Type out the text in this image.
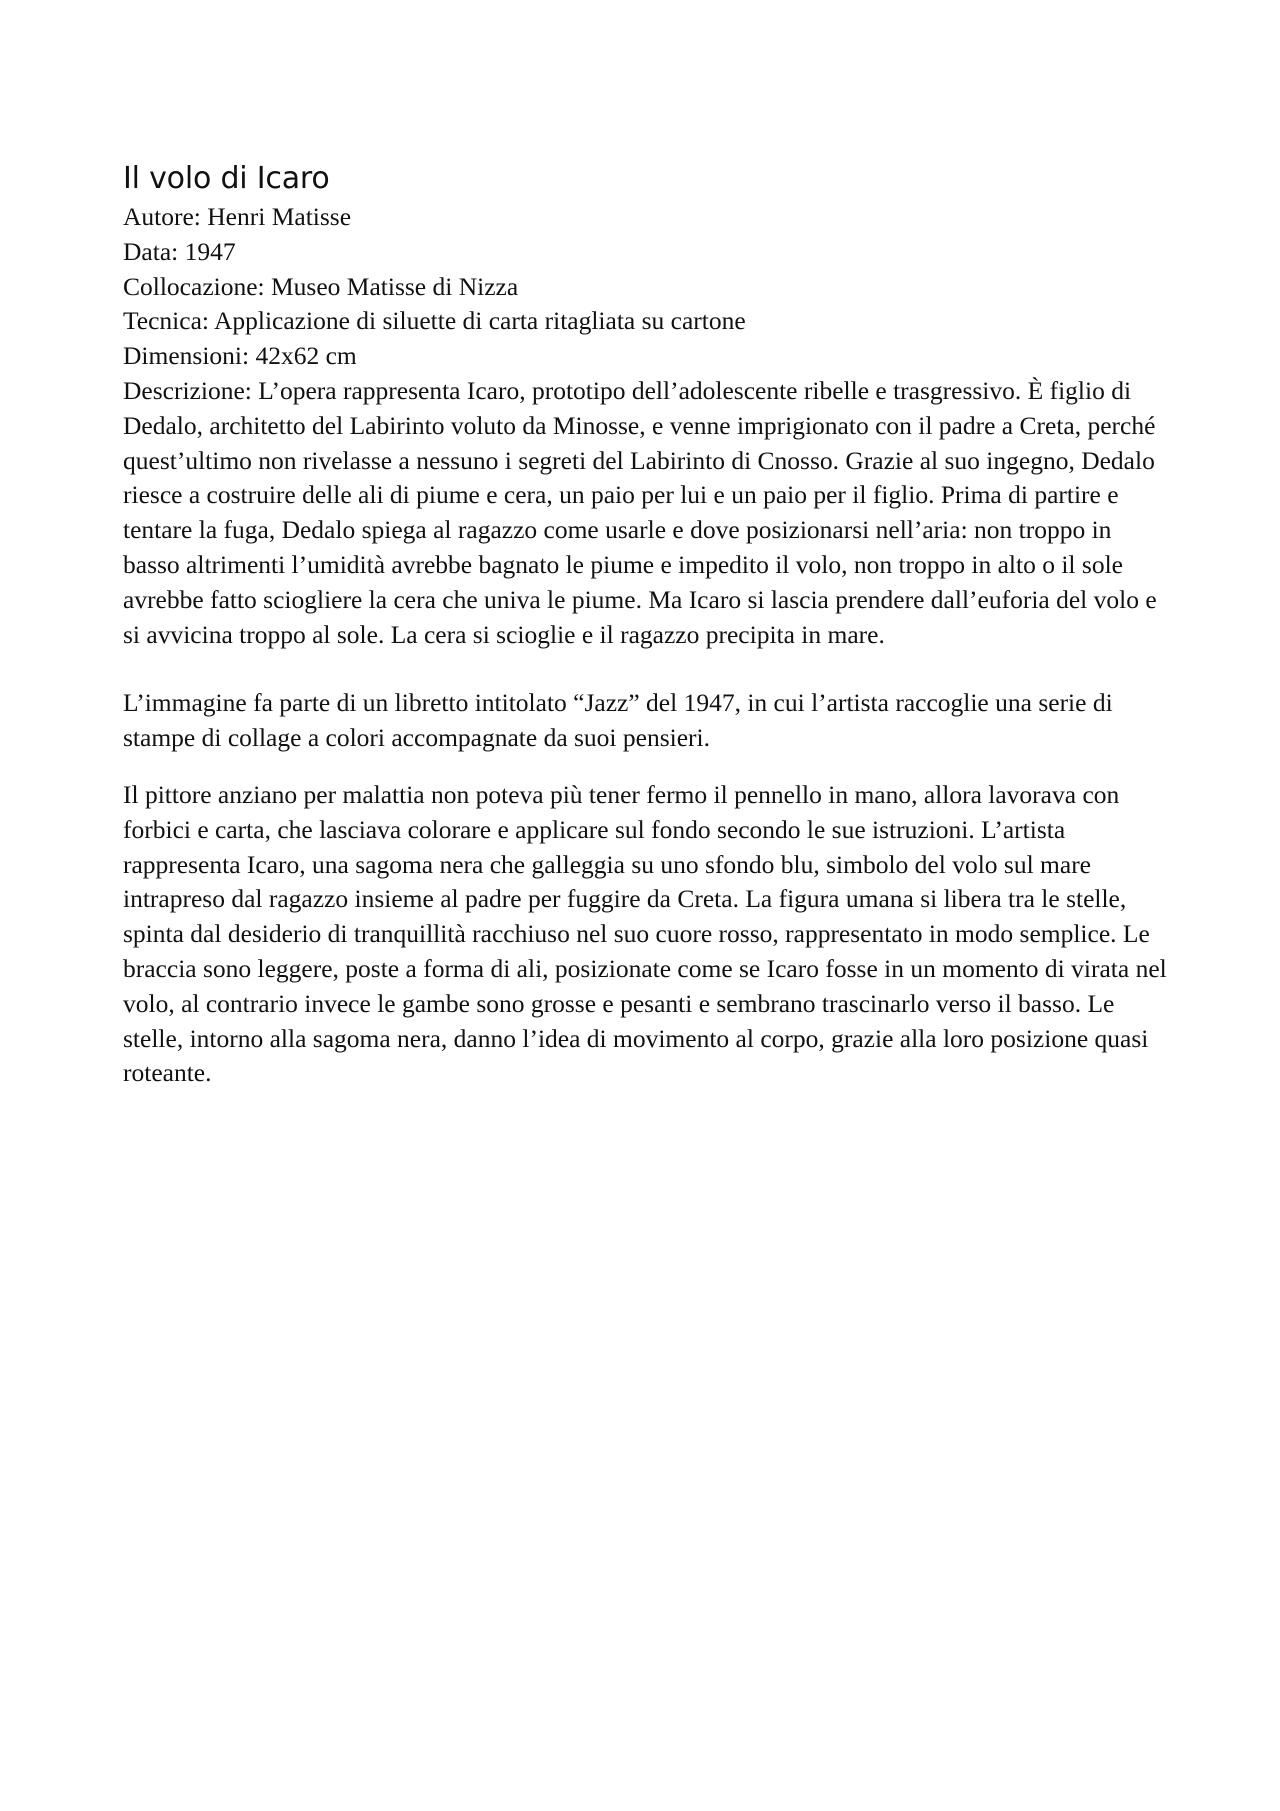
Il volo di Icaro
Autore: Henri Matisse
Data: 1947
Collocazione: Museo Matisse di Nizza
Tecnica: Applicazione di siluette di carta ritagliata su cartone
Dimensioni: 42x62 cm

Descrizione: L’opera rappresenta Icaro, prototipo dell’adolescente ribelle e trasgressivo. È figlio di Dedalo, architetto del Labirinto voluto da Minosse, e venne imprigionato con il padre a Creta, perché quest’ultimo non rivelasse a nessuno i segreti del Labirinto di Cnosso. Grazie al suo ingegno, Dedalo riesce a costruire delle ali di piume e cera, un paio per lui e un paio per il figlio. Prima di partire e tentare la fuga, Dedalo spiega al ragazzo come usarle e dove posizionarsi nell’aria: non troppo in basso altrimenti l’umidità avrebbe bagnato le piume e impedito il volo, non troppo in alto o il sole avrebbe fatto sciogliere la cera che univa le piume. Ma Icaro si lascia prendere dall’euforia del volo e si avvicina troppo al sole. La cera si scioglie e il ragazzo precipita in mare.

L’immagine fa parte di un libretto intitolato “Jazz” del 1947, in cui l’artista raccoglie una serie di stampe di collage a colori accompagnate da suoi pensieri.

Il pittore anziano per malattia non poteva più tener fermo il pennello in mano, allora lavorava con forbici e carta, che lasciava colorare e applicare sul fondo secondo le sue istruzioni. L’artista rappresenta Icaro, una sagoma nera che galleggia su uno sfondo blu, simbolo del volo sul mare intrapreso dal ragazzo insieme al padre per fuggire da Creta. La figura umana si libera tra le stelle, spinta dal desiderio di tranquillità racchiuso nel suo cuore rosso, rappresentato in modo semplice. Le braccia sono leggere, poste a forma di ali, posizionate come se Icaro fosse in un momento di virata nel volo, al contrario invece le gambe sono grosse e pesanti e sembrano trascinarlo verso il basso. Le stelle, intorno alla sagoma nera, danno l’idea di movimento al corpo, grazie alla loro posizione quasi roteante.
